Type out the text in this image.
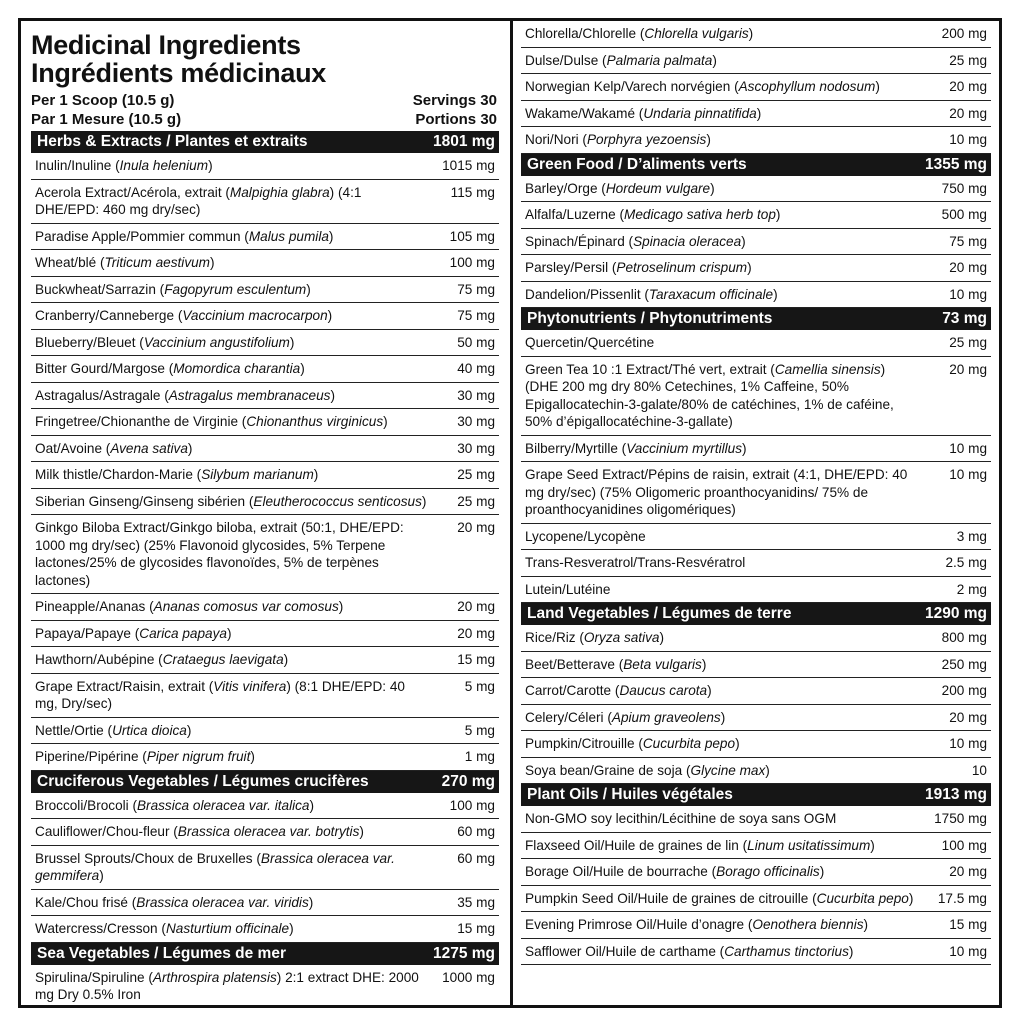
Medicinal Ingredients
Ingrédients médicinaux
Per 1 Scoop (10.5 g)	Servings 30
Par 1 Mesure (10.5 g)	Portions 30
Herbs & Extracts / Plantes et extraits	1801 mg
Inulin/Inuline (Inula helenium)	1015 mg
Acerola Extract/Acérola, extrait (Malpighia glabra) (4:1 DHE/EPD: 460 mg dry/sec)
115 mg
Paradise Apple/Pommier commun (Malus pumila)	105 mg
Wheat/blé (Triticum aestivum)	100 mg
Buckwheat/Sarrazin (Fagopyrum esculentum)	75 mg
Cranberry/Canneberge (Vaccinium macrocarpon)	75 mg
Blueberry/Bleuet (Vaccinium angustifolium)	50 mg
Bitter Gourd/Margose (Momordica charantia)	40 mg
Astragalus/Astragale (Astragalus membranaceus)	30 mg
Fringetree/Chionanthe de Virginie (Chionanthus virginicus)	30 mg
Oat/Avoine (Avena sativa)	30 mg
Milk thistle/Chardon-Marie (Silybum marianum)	25 mg
Siberian Ginseng/Ginseng sibérien (Eleutherococcus senticosus)	25 mg
Ginkgo Biloba Extract/Ginkgo biloba, extrait (50:1, DHE/EPD: 1000 mg dry/sec) (25% Flavonoid glycosides, 5% Terpene lactones/25% de glycosides flavonoïdes, 5% de terpènes lactones)
20 mg
Pineapple/Ananas (Ananas comosus var comosus)	20 mg
Papaya/Papaye (Carica papaya)	20 mg
Hawthorn/Aubépine (Crataegus laevigata)	15 mg
Grape Extract/Raisin, extrait (Vitis vinifera) (8:1 DHE/EPD: 40 mg, Dry/sec)
5 mg
Nettle/Ortie (Urtica dioica)	5 mg
Piperine/Pipérine (Piper nigrum fruit)	1 mg
Cruciferous Vegetables / Légumes crucifères	270 mg
Broccoli/Brocoli (Brassica oleracea var. italica)	100 mg
Cauliflower/Chou-fleur (Brassica oleracea var. botrytis)	60 mg
Brussel Sprouts/Choux de Bruxelles (Brassica oleracea var. gemmifera)
60 mg
Kale/Chou frisé (Brassica oleracea var. viridis)	35 mg
Watercress/Cresson (Nasturtium officinale)	15 mg
Sea Vegetables / Légumes de mer	1275 mg
Spirulina/Spiruline (Arthrospira platensis) 2:1 extract DHE: 2000 mg Dry 0.5% Iron
1000 mg
Chlorella/Chlorelle (Chlorella vulgaris)	200 mg
Dulse/Dulse (Palmaria palmata)	25 mg
Norwegian Kelp/Varech norvégien (Ascophyllum nodosum)	20 mg
Wakame/Wakamé (Undaria pinnatifida)	20 mg
Nori/Nori (Porphyra yezoensis)	10 mg
Green Food / D’aliments verts	1355 mg
Barley/Orge (Hordeum vulgare)	750 mg
Alfalfa/Luzerne (Medicago sativa herb top)	500 mg
Spinach/Épinard (Spinacia oleracea)	75 mg
Parsley/Persil (Petroselinum crispum)	20 mg
Dandelion/Pissenlit (Taraxacum officinale)	10 mg
Phytonutrients / Phytonutriments	73 mg
Quercetin/Quercétine	25 mg
Green Tea 10 :1 Extract/Thé vert, extrait (Camellia sinensis) (DHE 200 mg dry 80% Cetechines, 1% Caffeine, 50% Epigallocatechin-3-galate/80% de catéchines, 1% de caféine, 50% d’épigallocatéchine-3-gallate)
20 mg
Bilberry/Myrtille (Vaccinium myrtillus)	10 mg
Grape Seed Extract/Pépins de raisin, extrait (4:1, DHE/EPD: 40 mg dry/sec) (75% Oligomeric proanthocyanidins/ 75% de proanthocyanidines oligomériques)
10 mg
Lycopene/Lycopène	3 mg
Trans-Resveratrol/Trans-Resvératrol	2.5 mg
Lutein/Lutéine	2 mg
Land Vegetables / Légumes de terre	1290 mg
Rice/Riz (Oryza sativa)	800 mg
Beet/Betterave (Beta vulgaris)	250 mg
Carrot/Carotte (Daucus carota)	200 mg
Celery/Céleri (Apium graveolens)	20 mg
Pumpkin/Citrouille (Cucurbita pepo)	10 mg
Soya bean/Graine de soja (Glycine max)	10
Plant Oils / Huiles végétales	1913 mg
Non-GMO soy lecithin/Lécithine de soya sans OGM	1750 mg
Flaxseed Oil/Huile de graines de lin (Linum usitatissimum)	100 mg
Borage Oil/Huile de bourrache (Borago officinalis)	20 mg
Pumpkin Seed Oil/Huile de graines de citrouille (Cucurbita pepo)	17.5 mg
Evening Primrose Oil/Huile d’onagre (Oenothera biennis)	15 mg
Safflower Oil/Huile de carthame (Carthamus tinctorius)	10 mg
